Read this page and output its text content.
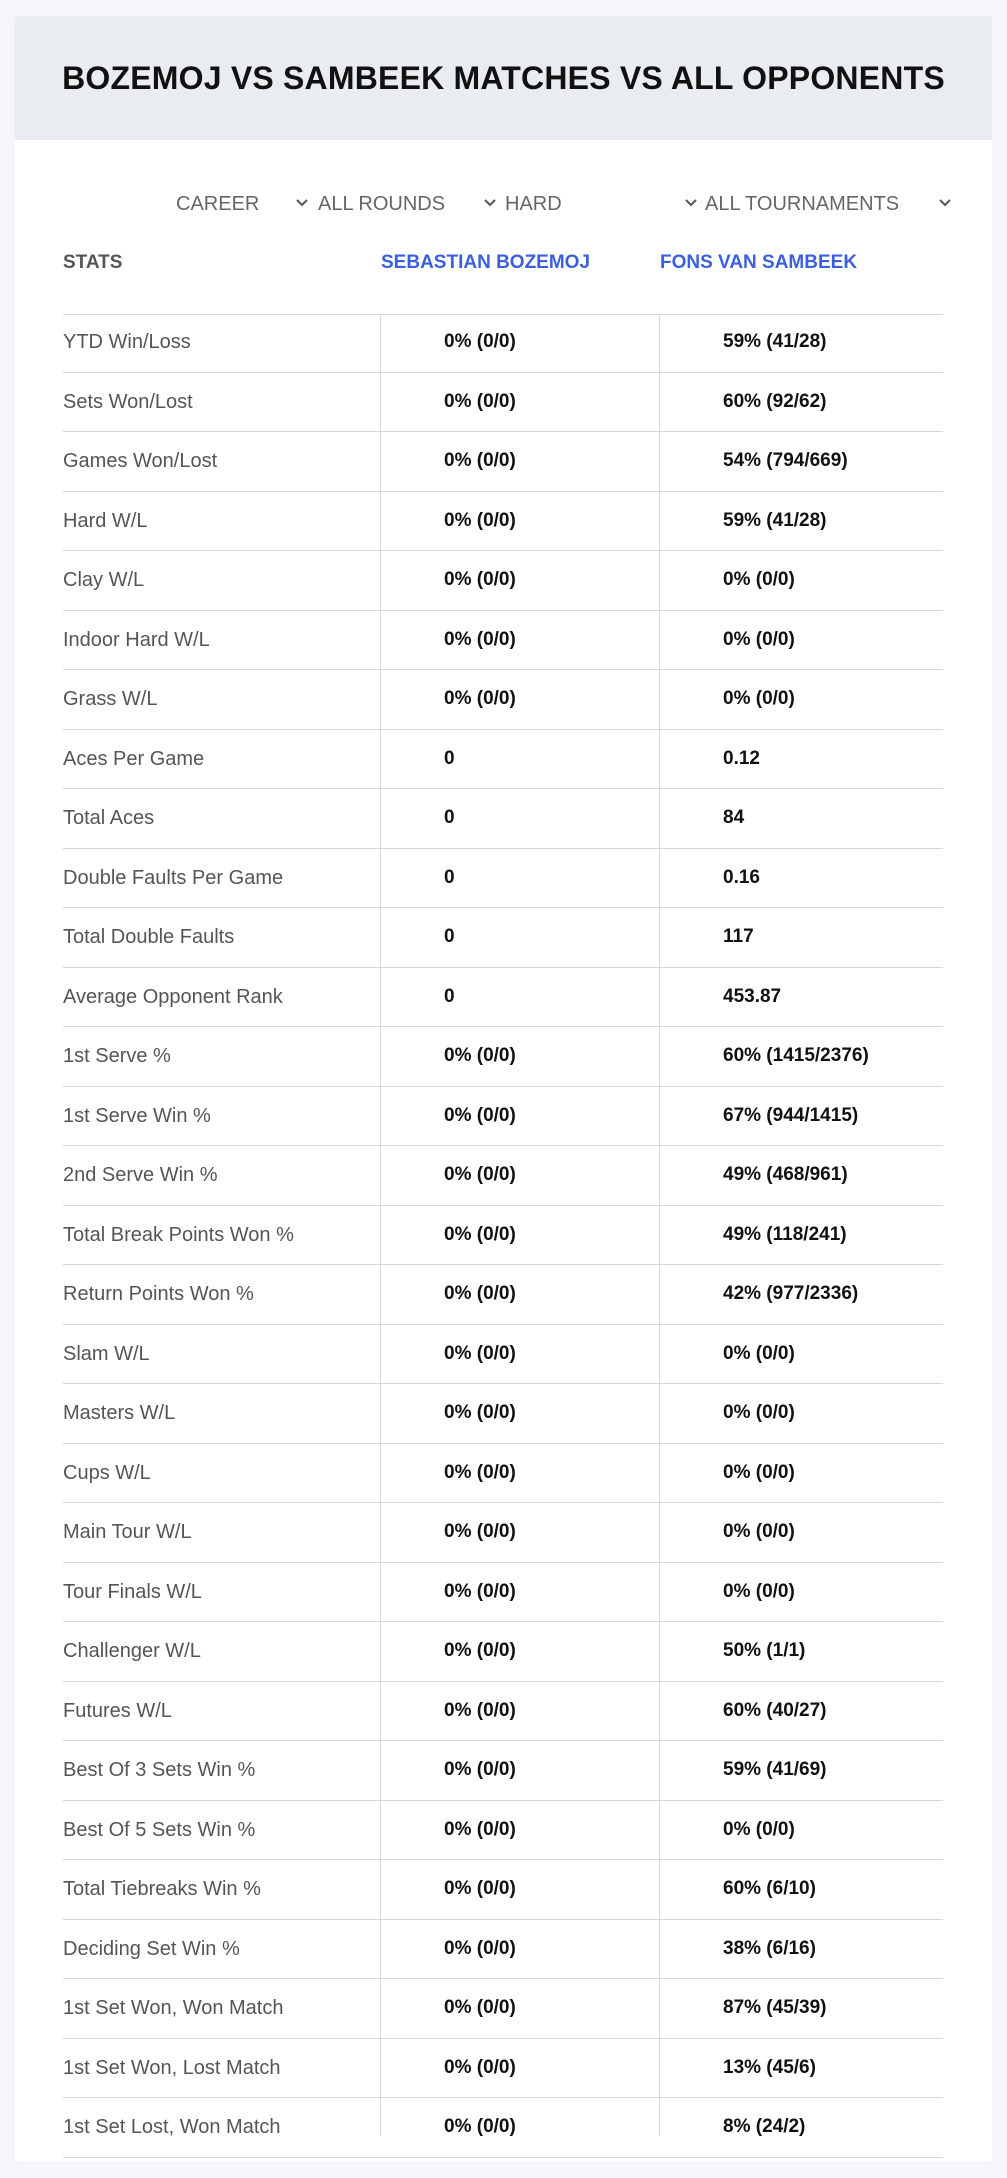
BOZEMOJ VS SAMBEEK MATCHES VS ALL OPPONENTS
CAREER	ALL ROUNDS	HARD	ALL TOURNAMENTS
STATS	SEBASTIAN BOZEMOJ	FONS VAN SAMBEEK
YTD Win/Loss	0% (0/0)	59% (41/28)
Sets Won/Lost	0% (0/0)	60% (92/62)
Games Won/Lost	0% (0/0)	54% (794/669)
Hard W/L	0% (0/0)	59% (41/28)
Clay W/L	0% (0/0)	0% (0/0)
Indoor Hard W/L	0% (0/0)	0% (0/0)
Grass W/L	0% (0/0)	0% (0/0)
Aces Per Game	0	0.12
Total Aces	0	84
Double Faults Per Game	0	0.16
Total Double Faults	0	117
Average Opponent Rank	0	453.87
1st Serve %	0% (0/0)	60% (1415/2376)
1st Serve Win %	0% (0/0)	67% (944/1415)
2nd Serve Win %	0% (0/0)	49% (468/961)
Total Break Points Won %	0% (0/0)	49% (118/241)
Return Points Won %	0% (0/0)	42% (977/2336)
Slam W/L	0% (0/0)	0% (0/0)
Masters W/L	0% (0/0)	0% (0/0)
Cups W/L	0% (0/0)	0% (0/0)
Main Tour W/L	0% (0/0)	0% (0/0)
Tour Finals W/L	0% (0/0)	0% (0/0)
Challenger W/L	0% (0/0)	50% (1/1)
Futures W/L	0% (0/0)	60% (40/27)
Best Of 3 Sets Win %	0% (0/0)	59% (41/69)
Best Of 5 Sets Win %	0% (0/0)	0% (0/0)
Total Tiebreaks Win %	0% (0/0)	60% (6/10)
Deciding Set Win %	0% (0/0)	38% (6/16)
1st Set Won, Won Match	0% (0/0)	87% (45/39)
1st Set Won, Lost Match	0% (0/0)	13% (45/6)
1st Set Lost, Won Match	0% (0/0)	8% (24/2)
